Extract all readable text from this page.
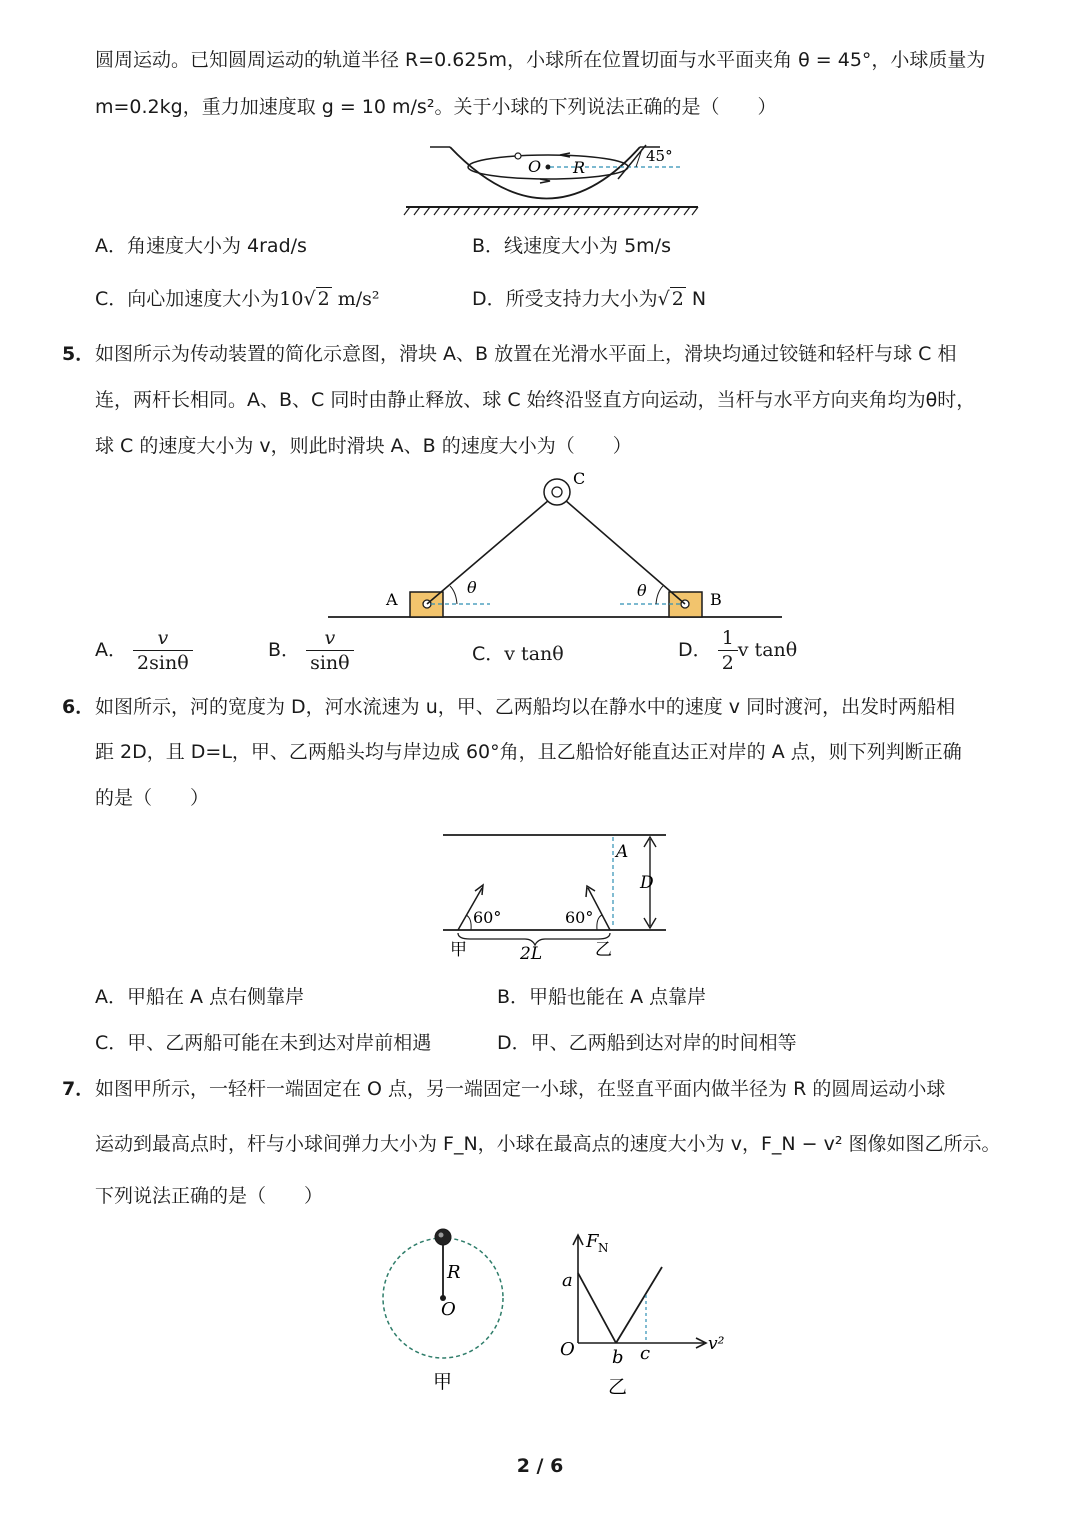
圆周运动。已知圆周运动的轨道半径 R=0.625m，小球所在位置切面与水平面夹角 θ = 45°，小球质量为
m=0.2kg，重力加速度取 g = 10 m/s²。关于小球的下列说法正确的是（　　）
O R
45°
A．角速度大小为 4rad/s	B．线速度大小为 5m/s
C．向心加速度大小为10√ 2 m/s²	D．所受支持力大小为√ 2 N
5． 如图所示为传动装置的简化示意图，滑块 A、B 放置在光滑水平面上，滑块均通过铰链和轻杆与球 C 相
连，两杆长相同。A、B、C 同时由静止释放、球 C 始终沿竖直方向运动，当杆与水平方向夹角均为θ时，
球 C 的速度大小为 v，则此时滑块 A、B 的速度大小为（　　）
A	B
C
θ	θ
A． $\frac{v}{2\sin\theta}$	B． $\frac{v}{\sin\theta}$	C．v tanθ	D． $\frac{1}{2}$ v tanθ
6． 如图所示，河的宽度为 D，河水流速为 u，甲、乙两船均以在静水中的速度 v 同时渡河，出发时两船相
距 2D，且 D=L，甲、乙两船头均与岸边成 60°角，且乙船恰好能直达正对岸的 A 点，则下列判断正确
的是（　　）
A
D
60°	60°
甲	乙
2L
A．甲船在 A 点右侧靠岸	B．甲船也能在 A 点靠岸
C．甲、乙两船可能在未到达对岸前相遇	D．甲、乙两船到达对岸的时间相等
7． 如图甲所示，一轻杆一端固定在 O 点，另一端固定一小球，在竖直平面内做半径为 R 的圆周运动小球
运动到最高点时，杆与小球间弹力大小为 F_N，小球在最高点的速度大小为 v，F_N − v² 图像如图乙所示。
下列说法正确的是（　　）
R
O
甲
F N
a
O b c	v²
乙
2 / 6
